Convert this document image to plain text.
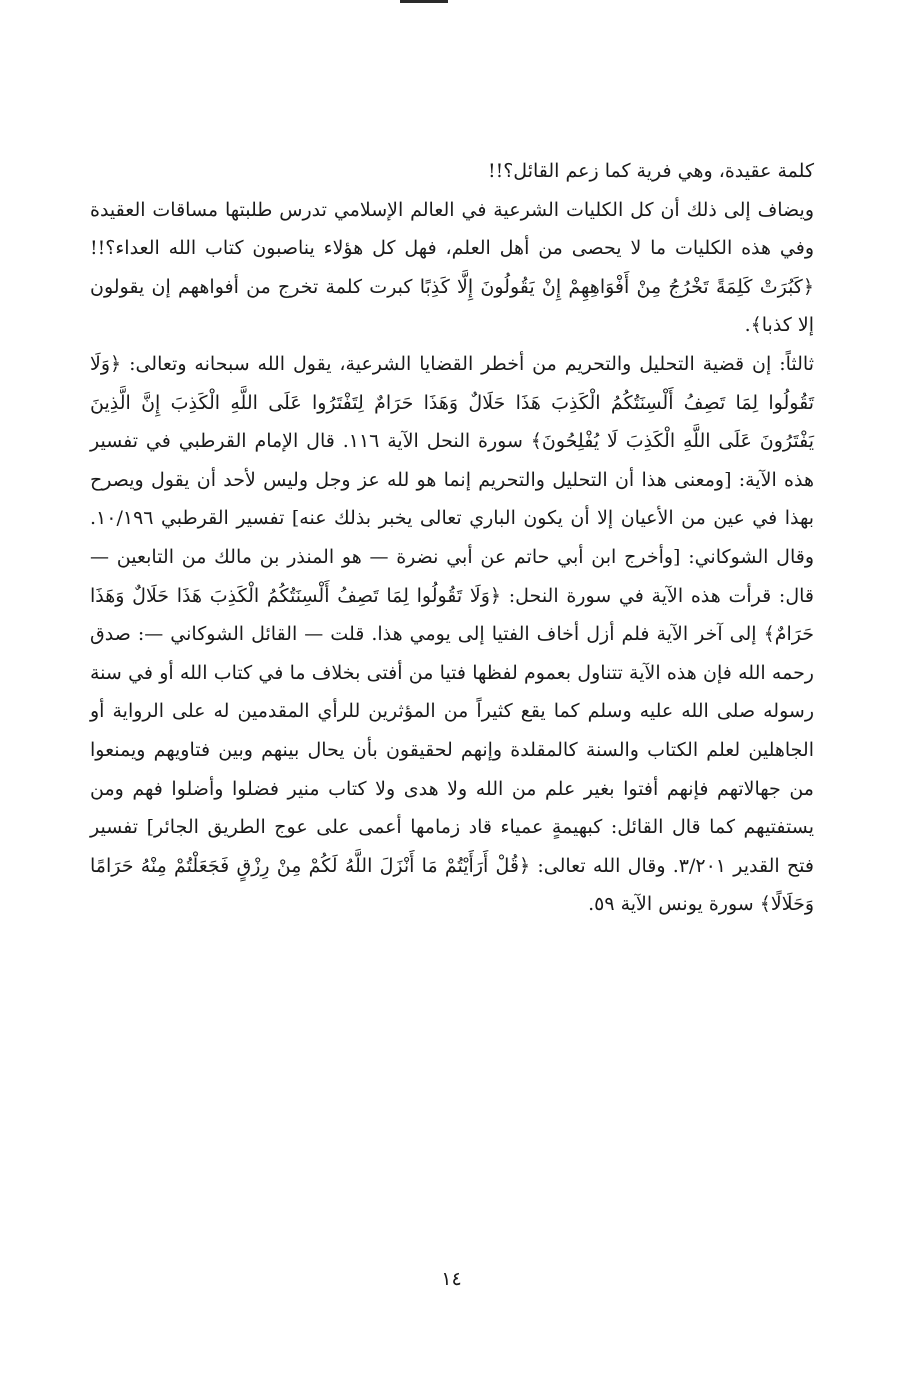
كلمة عقيدة، وهي فرية كما زعم القائل؟!!

ويضاف إلى ذلك أن كل الكليات الشرعية في العالم الإسلامي تدرس طلبتها مساقات العقيدة وفي هذه الكليات ما لا يحصى من أهل العلم، فهل كل هؤلاء يناصبون كتاب الله العداء؟!! ﴿كَبُرَتْ كَلِمَةً تَخْرُجُ مِنْ أَفْوَاهِهِمْ إِنْ يَقُولُونَ إِلَّا كَذِبًا كبرت كلمة تخرج من أفواههم إن يقولون إلا كذبا﴾.

ثالثاً: إن قضية التحليل والتحريم من أخطر القضايا الشرعية، يقول الله سبحانه وتعالى: ﴿وَلَا تَقُولُوا لِمَا تَصِفُ أَلْسِنَتُكُمُ الْكَذِبَ هَذَا حَلَالٌ وَهَذَا حَرَامٌ لِتَفْتَرُوا عَلَى اللَّهِ الْكَذِبَ إِنَّ الَّذِينَ يَفْتَرُونَ عَلَى اللَّهِ الْكَذِبَ لَا يُفْلِحُونَ﴾ سورة النحل الآية ١١٦. قال الإمام القرطبي في تفسير هذه الآية: [ومعنى هذا أن التحليل والتحريم إنما هو لله عز وجل وليس لأحد أن يقول ويصرح بهذا في عين من الأعيان إلا أن يكون الباري تعالى يخبر بذلك عنه] تفسير القرطبي ١٠/١٩٦. وقال الشوكاني: [وأخرج ابن أبي حاتم عن أبي نضرة — هو المنذر بن مالك من التابعين — قال: قرأت هذه الآية في سورة النحل: ﴿وَلَا تَقُولُوا لِمَا تَصِفُ أَلْسِنَتُكُمُ الْكَذِبَ هَذَا حَلَالٌ وَهَذَا حَرَامٌ﴾ إلى آخر الآية فلم أزل أخاف الفتيا إلى يومي هذا. قلت — القائل الشوكاني —: صدق رحمه الله فإن هذه الآية تتناول بعموم لفظها فتيا من أفتى بخلاف ما في كتاب الله أو في سنة رسوله صلى الله عليه وسلم كما يقع كثيراً من المؤثرين للرأي المقدمين له على الرواية أو الجاهلين لعلم الكتاب والسنة كالمقلدة وإنهم لحقيقون بأن يحال بينهم وبين فتاويهم ويمنعوا من جهالاتهم فإنهم أفتوا بغير علم من الله ولا هدى ولا كتاب منير فضلوا وأضلوا فهم ومن يستفتيهم كما قال القائل: كبهيمةٍ عمياء قاد زمامها أعمى على عوج الطريق الجائر] تفسير فتح القدير ٣/٢٠١. وقال الله تعالى: ﴿قُلْ أَرَأَيْتُمْ مَا أَنْزَلَ اللَّهُ لَكُمْ مِنْ رِزْقٍ فَجَعَلْتُمْ مِنْهُ حَرَامًا وَحَلَالًا﴾ سورة يونس الآية ٥٩.

١٤
